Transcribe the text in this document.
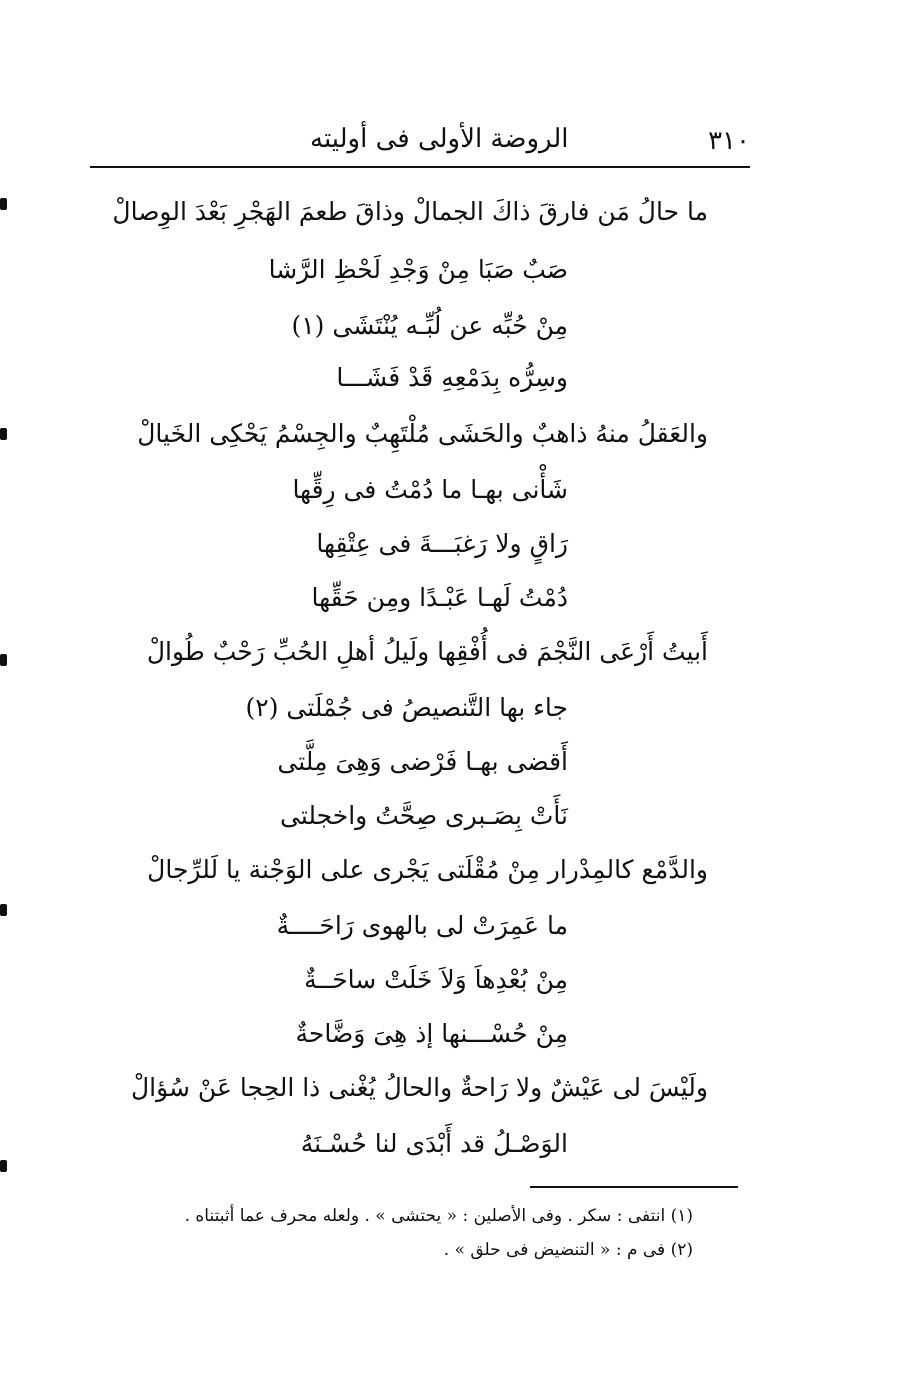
٣١٠
الروضة الأولى فى أوليته
ما حالُ مَن فارقَ ذاكَ الجمالْ وذاقَ طعمَ الهَجْرِ بَعْدَ الوِصالْ
صَبٌ صَبَا مِنْ وَجْدِ لَحْظِ الرَّشا
مِنْ حُبِّه عن لُبِّـه يُنْتَشَى (١)
وسِرُّه بِدَمْعِهِ قَدْ فَشَـــا
والعَقلُ منهُ ذاهبٌ والحَشَى مُلْتَهِبٌ والجِسْمُ يَحْكِى الخَيالْ
شَأْنى بهـا ما دُمْتُ فى رِقِّها
رَاقٍ ولا رَغبَـــةَ فى عِتْقِها
دُمْتُ لَهـا عَبْـدًا ومِن حَقِّها
أَبيتُ أَرْعَى النَّجْمَ فى أُفْقِها ولَيلُ أهلِ الحُبِّ رَحْبٌ طُوالْ
جاء بها التَّنصيصُ فى جُمْلَتى (٢)
أَقضى بهـا فَرْضى وَهِىَ مِلَّتى
نَأَتْ بِصَـبرى صِحَّتُ واخجلتى
والدَّمْع كالمِدْرار مِنْ مُقْلَتى يَجْرى على الوَجْنة يا لَلرِّجالْ
ما عَمِرَتْ لى بالهوى رَاحَــــةٌ
مِنْ بُعْدِهاَ وَلاَ خَلَتْ ساحَــةٌ
مِنْ حُسْـــنها إذ هِىَ وَضَّاحةٌ
ولَيْسَ لى عَيْشٌ ولا رَاحةٌ والحالُ يُغْنى ذا الحِجا عَنْ سُؤالْ
الوَصْـلُ قد أَبْدَى لنا حُسْـنَهُ
(١) انتفى : سكر . وفى الأصلين : « يحتشى » . ولعله محرف عما أثبتناه .
(٢) فى م : « التنضيض فى حلق » .
